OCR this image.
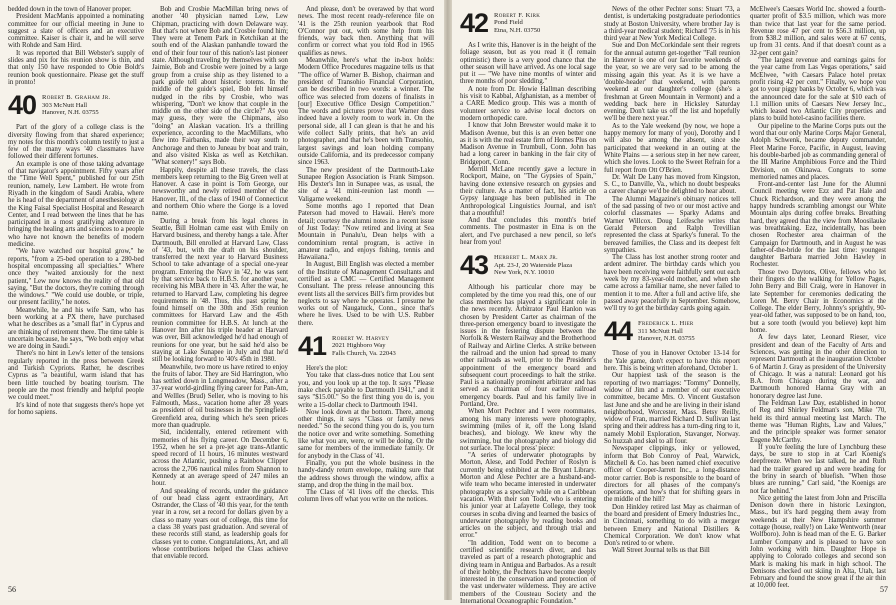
bedded down in the town of Hanover proper.

President MacManis appointed a nominating committee for our official meeting in June to suggest a slate of officers and an executive committee. Kaiser is chair it, and he will serve with Rohde and Sam Hird.

It was reported that Bill Webster's supply of slides and pix for his reunion show is thin, and that only 150 have responded to Obie Boldt's reunion book questionnaire. Please get the stuff in pronto!

40 Robert B. Graham Jr.
303 McNutt Hall
Hanover, N.H. 03755

Part of the glory of a college class is the diversity flowing from that shared experience; my notes for this month's column testify to just a few of the many ways '40 classmates have followed their different fortunes.

An example is one of those taking advantage of that navigator's appointment. Fifty years after the "Time Well Spent," published for our 25th reunion, namely, Lew Lambert. He wrote from Riyadh in the kingdom of Saudi Arabia, where he is head of the department of anesthesiology at the King Faisal Specialist Hospital and Research Center, and I read between the lines that he has participated in a most gratifying adventure in bringing the healing arts and sciences to a people who have not known the benefits of modern medicine.

"We have watched our hospital grow," he reports, "from a 25-bed operation to a 280-bed hospital encompassing all specialties." Where once they "waited anxiously for the next patient," Lew now knows the reality of that old saying, "But the doctors, they're coming through the windows." "We could use double, or triple, our present facility," he notes.

Meanwhile, he and his wife Sam, who has been working at a PX there, have purchased what he describes as a "small flat" in Cyprus and are thinking of retirement there. The time table is uncertain because, he says, "We both enjoy what we are doing in Saudi."

There's no hint in Lew's letter of the tensions regularly reported in the press between Greek and Turkish Cypriots. Rather, he describes Cyprus as "a beautiful, warm island that has been little touched by boating tourism. The people are the most friendly and helpful people we could meet."

It's kind of note that suggests there's hope yet for homo sapiens.

Bob and Crosbie MacMillan bring news of another '40 physician named Lew, Lew Chipman, practicing with down Delaware way. But that's not where Bob and Crosbie found him; They were at Tenem Park in Ketchikan at the south end of the Alaskan panhandle toward the end of their four tour of this nation's last pioneer state. Although traveling by themselves with son Jaimie, Bob and Crosbie were joined by a large group from a cruise ship as they listened to a park guide tell about historic totems. In the middle of the guide's spiel, Bob felt himself nudged in the ribs by Crosbie, who was whispering, "Don't we know that couple in the middle on the other side of the circle?" As you may guess, they were the Chipmans, also "doing" an Alaskan vacation. It's a thrilling experience, according to the MacMillans, who flew into Fairbanks, made their way south to Anchorage and then to Juneau by boat and train, and also visited Kiska as well as Ketchikan. "What scenery!" says Bob.

Happily, despite all these travels, the class members keep returning to the Big Green well at Hanover. A case in point is Tom George, our newsworthy and newly retired member of the Hanover, Ill., of the class of 1940 of Connecticut and northern Ohio where the Gorge is a loved name.

During a break from his legal chores in Seattle, Bill Holman came east with Emily on Harvard business, and thereby hangs a tale. After Dartmouth, Bill enrolled at Harvard Law, Class of '43, but, with the draft on his shoulder, transferred the next year to Harvard Business School to take advantage of a special one-year program. Entering the Navy in '42, he was sent by that service back to H.B.S. for another year, receiving his MBA there in '43. After the war, he returned to Harvard Law, completing his degree requirements in '48. Thus, this past spring he found himself on the 30th and 35th reunion committees for Harvard Law and the 45th reunion committee for H.B.S. At lunch at the Hanover Inn after his triple header at Harvard was over, Bill acknowledged he'd had enough of reunions for one year, but he said he'd also be staying at Lake Sunapee in July and that he'd still be looking forward to '40's 45th in 1980.

Meanwhile, two more us have retired to enjoy the fruits of labor. They are Sid Harrington, who has settled down in Longmeadow, Mass., after a 37-year world-girdling flying career for Pan-Am, and Wellles (Brud) Seller, who is moving to his Falmouth, Mass., vacation home after 28 years as president of oil businesses in the Springfield-Greenfield area, during which he's seen prices more than quadruple.

Sid, incidentally, entered retirement with memories of his flying career. On December 6, 1952, when he set a pre-jet age trans-Atlantic speed record of 11 hours, 16 minutes westward across the Atlantic, pushing a Rainbow Clipper across the 2,706 nautical miles from Shannon to Kennedy at an average speed of 247 miles an hour.

And speaking of records, under the guidance of our head class agent extraordinary, Art Ostrander, the Class of '40 this year, for the tenth year in a row, set a record for dollars given by a class so many years out of college, this time for a class 38 years past graduation. And several of these records still stand, as leadership goals for classes yet to come. Congratulations, Art, and all whose contributions helped the Class achieve that enviable record.

And please, don't be overawed by that word news. The most recent ready-reference file on '41 is the 25th reunion yearbook that Rod O'Connor put out, with some help from his friends, way back then. Anything that will confirm or correct what you told Rod in 1965 qualifies as news.

Meanwhile, here's what the in-box holds: Modern Office Procedures magazine tells us that "The office of Warner B. Bishop, chairman and president of Transohio Financial Corporation, can be described in two words: a winner. The office was selected from dozens of finalists in [our] Executive Office Design Competition." The words and pictures prove that Warner does indeed have a lovely room to work in. On the personal side, all I can glean is that he and his wife collect Sally prints, that he's an avid photographer, and that he's been with Transohio, largest savings and loan holding company outside California, and its predecessor company since 1963.

The new president of the Dartmouth-Lake Sunapee Region Association is Frank Simpson. His Dexter's Inn in Sunapee was, as usual, the site of a '41 mini-reunion last month — Valigame weekend.

Some months ago I reported that Dean Paterson had moved to Hawaii. Here's more detail; courtesy the alumni notes in a recent issue of Just Today: "Now retired and living at Sea Mountain in Punalu'u, Dean helps with a condominium rental program, is active in amateur radio, and enjoys fishing, tennis and Hawaiiana."

In August, Bill English was elected a member of the Institute of Management Consultants and certified as a CMC — Certified Management Consultant. The press release announcing this event lists all the services Bill's firm provides but neglects to say where he operates. I presume he works out of Naugatuck, Conn., since that's where he lives. Used to be with U.S. Rubber there.

41 Robert W. Harvey
2021 Highboro Way
Falls Church, Va. 22043

Here's the plot:

You take that class-dues notice that Lou sent you, and you look up at the top. It says "Please make check payable to Dartmouth 1941," and it says "$15.00." So the first thing you do is, you write a 15-dollar check to Dartmouth 1941.

Now look down at the bottom. There, among other things, it says "Class or family news needed." So the second thing you do is, you turn the notice over and write something. Something like what you are, were, or will be doing. Or the same for members of the immediate family. Or for anybody in the Class of '41.

Finally, you put the whole business in the handy-dandy return envelope, making sure that the address shows through the window, affix a stamp, and drop the thing in the mail box.

The Class of '41 lives off the checks. This column lives off what you write on the notices.

56
42 Robert F. Kirk
Pond Field
Etna, N.H. 03750

As I write this, Hanover is in the height of the foliage season, but as you read it (I remain optimistic) there is a very good chance that the other season will have arrived. As one local sage put it — "We have nine months of winter and three months of poor sledding."

A note from Dr. Howie Hallman describing his visit to Kabbal, Afghanistan, as a member of a CARE Medico group. This was a month of volunteer service to advise local doctors on modern orthopedic care.

I know that John Brewster would make it to Madison Avenue, but this is an even better one as it is with the real estate firm of Homes Plus on Madison Avenue in Trumbull, Conn. John has had a long career in banking in the fair city of Bridgeport, Conn.

Merrill McLane recently gave a lecture in Rockport, Maine, on "The Gypsies of Spain," having done extensive research on gypsies and their culture. As a matter of fact, his article on Gypsy language has been published in The Anthropological Linguistics Journal, and isn't that a mouthful!

And that concludes this month's brief comments. The postmaster in Etna is on the alert, and I've purchased a new pencil, so let's hear from you!

43 Herbert L. Marx Jr.
Apt. 23-J, 20 Waterside Plaza
New York, N.Y. 10010

Although his particular chore may be completed by the time you read this, one of our class members has played a significant role in the news recently. Arbitrator Paul Hanlon was chosen by President Carter as chairman of the three-person emergency board to investigate the issues in the festering dispute between the Norfolk & Western Railway and the Brotherhood of Railway and Airline Clerks. A strike between the railroad and the union had spread to many other railroads as well, prior to the President's appointment of the emergency board and subsequent court proceedings to halt the strike. Paul is a nationally prominent arbitrator and has served as chairman of four earlier railroad emergency boards. Paul and his family live in Portland, Ore.

When Mort Pechter and I were roommates, among his many interests were photography, swimming (miles of it, off the Long Island beaches), and biology. We knew why the swimming, but the photography and biology did not surface. The local press' piece:

"A series of underwater photographs by Morton, Alese, and Todd Pechter of Roslyn is currently being exhibited at the Bryant Library. Morton and Alese Pechter are a husband-and-wife team who became interested in underwater photography as a specialty while on a Caribbean vacation. With their son Todd, who is entering his junior year at Lafayette College, they took courses in scuba diving and learned the basics of underwater photography by reading books and articles on the subject, and through trial and error."

"In addition, Todd went on to become a certified scientific research diver, and has traveled as part of a research photographic and diving team in Antigua and Barbados. As a result of their hobby, the Pechters have become deeply interested in the conservation and protection of the vast underwater wilderness. They are active members of the Cousteau Society and the International Oceanographic Foundation."

News of the other Pechter sons: Stuart '73, a dentist, is undertaking postgraduate periodontics study at Boston University, where brother Jay is a third-year medical student; Richard '75 is in his third year at New York Medical College.

Sue and Don McCorkindale sent their regrets for the annual autumn get-together "Fall reunion in Hanover is one of our favorite weekends of the year, so we are very sad to be among the missing again this year. As it is we have a 'double-header' that weekend, with parents weekend at our daughter's college (she's a freshman at Green Mountain in Vermont) and a wedding back here in Hicksley Saturday evening. Don't take us off the list and hopefully we'll be there next year."

As to the Yale weekend (by now, we hope a happy memory for many of you), Dorothy and I will also be among the absent, since she participated that weekend in an outing at the White Plains — a serious step in her new career, which she loves. Look to the Sweet Refrain for a full report from Ott O'Brien.

Dr. Walt De Lany has moved from Kingston, S. C., to Danville, Va., which no doubt bespeaks a career change we'd be delighted to hear about.

The Alumni Magazine's obituary notices tell of the sad passing of two or our most active and colorful classmates — Sparky Adams and Warner Willcox. Doug Leifesche writes that Gerald Peterson and Ralph Trevillian represented the class at Sparky's funeral. To the bereaved families, the Class and its deepest felt sympathies.

The Class has lost another strong rooter and ardent admirer. The birthday cards which you have been receiving were faithfully sent out each week by my 83-year-old mother, and when she came across a familiar name, she never failed to mention it to me. After a full and active life, she passed away peacefully in September. Somehow, we'll try to get the birthday cards going again.

44 Frederick L. Hier
311 McNutt Hall
Hanover, N.H. 03755

Those of you in Hanover October 13-14 for the Yale game, don't expect to have this report here. This is being written aforehand, October 1.

Our happiest task of the season is the reporting of two marriages: "Tommy" Donnelly, widow of Jim and a member of our executive committee, became Mrs. O. Vincent Gustafson last June and she and he are living in their island neighborhood, Worcester, Mass. Betsy Reilly, widow of Fran, married Richard D. Sullivan last spring and their address has a turn-ding ring to it, namely Mobil Exploration, Stavanger, Norway. So huzzah and skøl to all four.

Newspaper clippings, inky or yellowed, inform that Bob Conroy of Peal, Warwick, Mitchell & Co. has been named chief executive officer of Cooper-Jarrett Inc., a long-distance motor carrier. Bob is responsible to the board of directors for all phases of the company's operations, and how's that for shifting gears in the middle of the hill?

Don Hinkley retired last May as chairman of the board and president of Emery Industries Inc., in Cincinnati, something to do with a merger between Emery and National Distillers & Chemical Corporation. We don't know what Don's retired to or where.

Wall Street Journal tells us that Bill

McElwee's Caesars World Inc. showed a fourth-quarter profit of $3.5 million, which was more than twice that last year for the same period. Revenue rose 47 per cent to $56.3 million, up from $38.2 million, and sales were at 67 cents, up from 31 cents. And if that doesn't count as a 32-per cent gain?

"The largest revenue and earnings gains for the year came from Las Vegas operations," said McElwee, "with Caesars Palace hotel pretax profit rising 42 per cent." Finally, we hope you got to your piggy banks by October 6, which was the announced date for the sale at $10 each of 1.1 million units of Caesars New Jersey Inc., which leased two Atlantic City properties and plans to build hotel-casino facilities there.

Our pipeline to the Marine Corps puts out the word that our only Marine Corps Major General, Adolph Schwenk, became deputy commander, Fleet Marine Force, Pacific, in August, leaving his double-barbed job as commanding general of the III Marine Amphibious Force and the Third Division, on Okinawa. Congrats to some memoried names and places.

Front-and-center last June for the Alumni Council meeting were Ezz and Pat Hale and Chuck Richardson, and they were among the happy hundreds scrambling amongst our White Mountain alps during coffee breaks. Breathing hard, they agreed that the view from Moosilauke was breathtaking. Ezz, incidentally, has been chosen Rochester area chairman of the Campaign for Dartmouth, and in August he was father-of-the-bride for the last time: youngest daughter Barbara married John Hawley in Rochester.

Those two Daytons, Olive, fellows who let their fingers do the walking for Yellow Pages, John Berry and Bill Craig, were in Hanover in late September for ceremonies dedicating the Loren M. Berry Chair in Economics at the College. The elder Berry, Johnny's sprightly, 90-year-old father, was supposed to be on hand, too, but a sore tooth (would you believe) kept him home.

A few days later, Leonard Rieser, vice president and dean of the Faculty of Arts and Sciences, was getting in the other direction to represent Dartmouth at the inauguration October 6 of Martin J. Gray as president of the University of Chicago. It was a natural: Leonard got his B.A. from Chicago during the war, and Dartmouth honored Hanna Gray with an honorary degree last June.

The Feldman Law Day, established in honor of Reg and Shirley Feldman's son, Mike '70, held its third annual meeting last March. The theme was "Human Rights, Law and Values," and the principle speaker was former senator Eugene McCarthy.

If you're feeling the lure of Lynchburg these days, be sure to stop in at Carl Koenig's deepfreeze. When we last talked, he and Ruth had the trailer geared up and were heading for the briny in search of bluefish. "When those blues are running," Carl said, "the Koenigs are not far behind."

Nice getting the latest from John and Priscilla Denison down there in historic Lexington, Mass., but it's hard pegging them away from weekends at their New Hampshire summer cottage (house, really!) on Lake Wentworth (near Wolfboro). John is head man of the E. G. Barker Lumber Company and is pleased to have son John working with him. Daughter Hope is applying to Colorado colleges and second son Mark is making his mark in high school. The Denisons checked out skiing in Alta, Utah, last February and found the snow great if the air thin at 10,000 feet.	57
